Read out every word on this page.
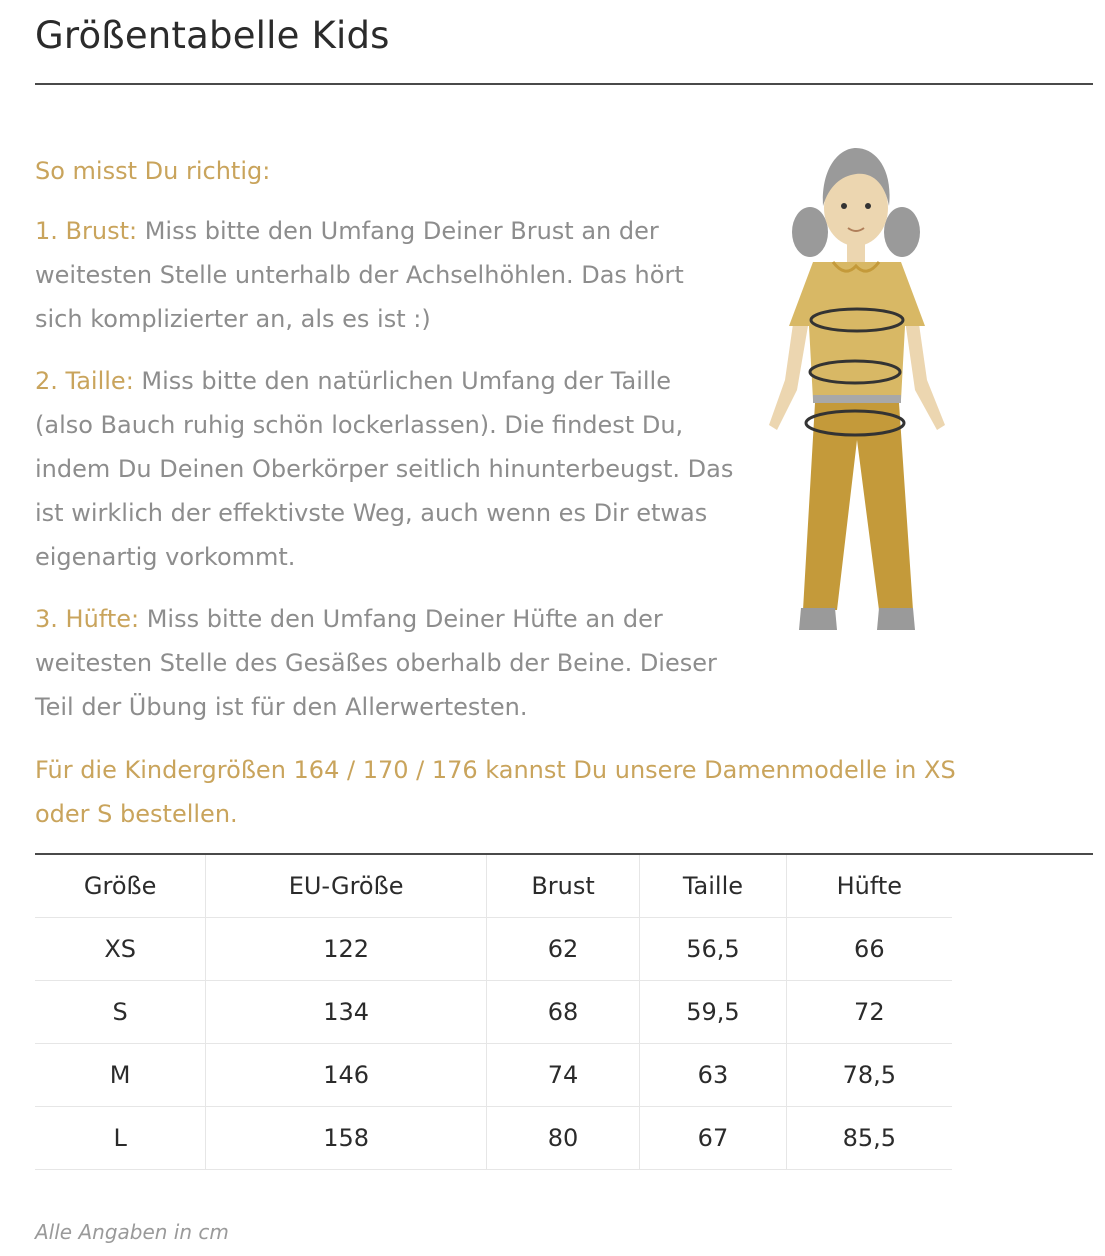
Größentabelle Kids

So misst Du richtig:

1. Brust: Miss bitte den Umfang Deiner Brust an der weitesten Stelle unterhalb der Achselhöhlen. Das hört sich komplizierter an, als es ist :)

2. Taille: Miss bitte den natürlichen Umfang der Taille (also Bauch ruhig schön lockerlassen). Die findest Du, indem Du Deinen Oberkörper seitlich hinunterbeugst. Das ist wirklich der effektivste Weg, auch wenn es Dir etwas eigenartig vorkommt.

3. Hüfte: Miss bitte den Umfang Deiner Hüfte an der weitesten Stelle des Gesäßes oberhalb der Beine. Dieser Teil der Übung ist für den Allerwertesten.

Für die Kindergrößen 164 / 170 / 176 kannst Du unsere Damenmodelle in XS oder S bestellen.
Größe	EU-Größe	Brust	Taille	Hüfte
XS	122	62	56,5	66
S	134	68	59,5	72
M	146	74	63	78,5
L	158	80	67	85,5
Alle Angaben in cm
